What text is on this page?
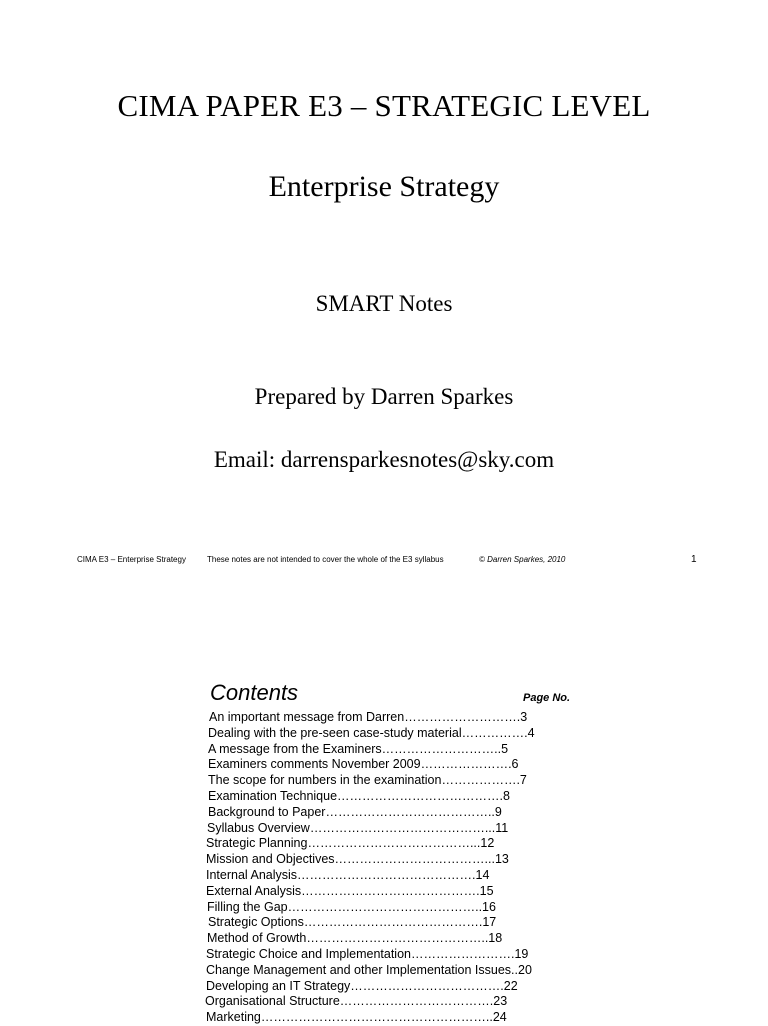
CIMA PAPER E3 – STRATEGIC LEVEL
Enterprise Strategy
SMART Notes
Prepared by Darren Sparkes
Email: darrensparkesnotes@sky.com
CIMA E3 – Enterprise Strategy	These notes are not intended to cover the whole of the E3 syllabus	© Darren Sparkes, 2010	1
Contents	Page No.
An important message from Darren……………………….3
Dealing with the pre-seen case-study material…………….4
A message from the Examiners………………………..5
Examiners comments November 2009………………….6
The scope for numbers in the examination……………….7
Examination Technique………………………………….8
Background to Paper…………………………………..9
Syllabus Overview……………………………………...11
Strategic Planning…………………………………...12
Mission and Objectives………………………………...13
Internal Analysis…………………………………….14
External Analysis…………………………………….15
Filling the Gap………………………………………..16
Strategic Options…………………………………….17
Method of Growth……………………………………..18
Strategic Choice and Implementation…………………….19
Change Management and other Implementation Issues..20
Developing an IT Strategy……………………………….22
Organisational Structure……………………………….23
Marketing………………………………………………..24
